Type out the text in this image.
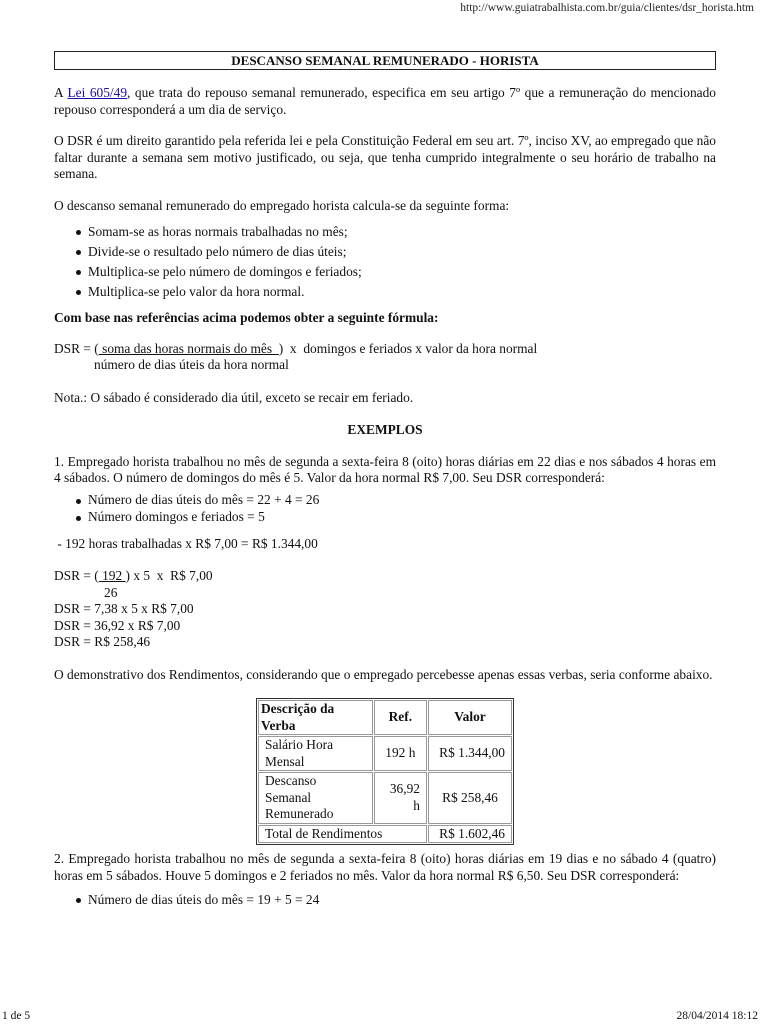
http://www.guiatrabalhista.com.br/guia/clientes/dsr_horista.htm
DESCANSO SEMANAL REMUNERADO - HORISTA

A Lei 605/49, que trata do repouso semanal remunerado, especifica em seu artigo 7º que a remuneração do mencionado repouso corresponderá a um dia de serviço.

O DSR é um direito garantido pela referida lei e pela Constituição Federal em seu art. 7º, inciso XV, ao empregado que não faltar durante a semana sem motivo justificado, ou seja, que tenha cumprido integralmente o seu horário de trabalho na semana.

O descanso semanal remunerado do empregado horista calcula-se da seguinte forma:

Somam-se as horas normais trabalhadas no mês;
Divide-se o resultado pelo número de dias úteis;
Multiplica-se pelo número de domingos e feriados;
Multiplica-se pelo valor da hora normal.

Com base nas referências acima podemos obter a seguinte fórmula:

DSR = ( soma das horas normais do mês  )  x  domingos e feriados x valor da hora normal
número de dias úteis da hora normal

Nota.: O sábado é considerado dia útil, exceto se recair em feriado.

EXEMPLOS

1. Empregado horista trabalhou no mês de segunda a sexta-feira 8 (oito) horas diárias em 22 dias e nos sábados 4 horas em 4 sábados. O número de domingos do mês é 5. Valor da hora normal R$ 7,00. Seu DSR corresponderá:

Número de dias úteis do mês = 22 + 4 = 26
Número domingos e feriados = 5
- 192 horas trabalhadas x R$ 7,00 = R$ 1.344,00
DSR = ( 192 ) x 5  x  R$ 7,00
26
DSR = 7,38 x 5 x R$ 7,00
DSR = 36,92 x R$ 7,00
DSR = R$ 258,46

O demonstrativo dos Rendimentos, considerando que o empregado percebesse apenas essas verbas, seria conforme abaixo.

Descrição da Verba	Ref.	Valor
Salário Hora Mensal	192 h	R$ 1.344,00
Descanso Semanal Remunerado	36,92 h	R$ 258,46
Total de Rendimentos		R$ 1.602,46

2. Empregado horista trabalhou no mês de segunda a sexta-feira 8 (oito) horas diárias em 19 dias e no sábado 4 (quatro) horas em 5 sábados. Houve 5 domingos e 2 feriados no mês. Valor da hora normal R$ 6,50. Seu DSR corresponderá:

Número de dias úteis do mês = 19 + 5 = 24
1 de 5	28/04/2014 18:12
